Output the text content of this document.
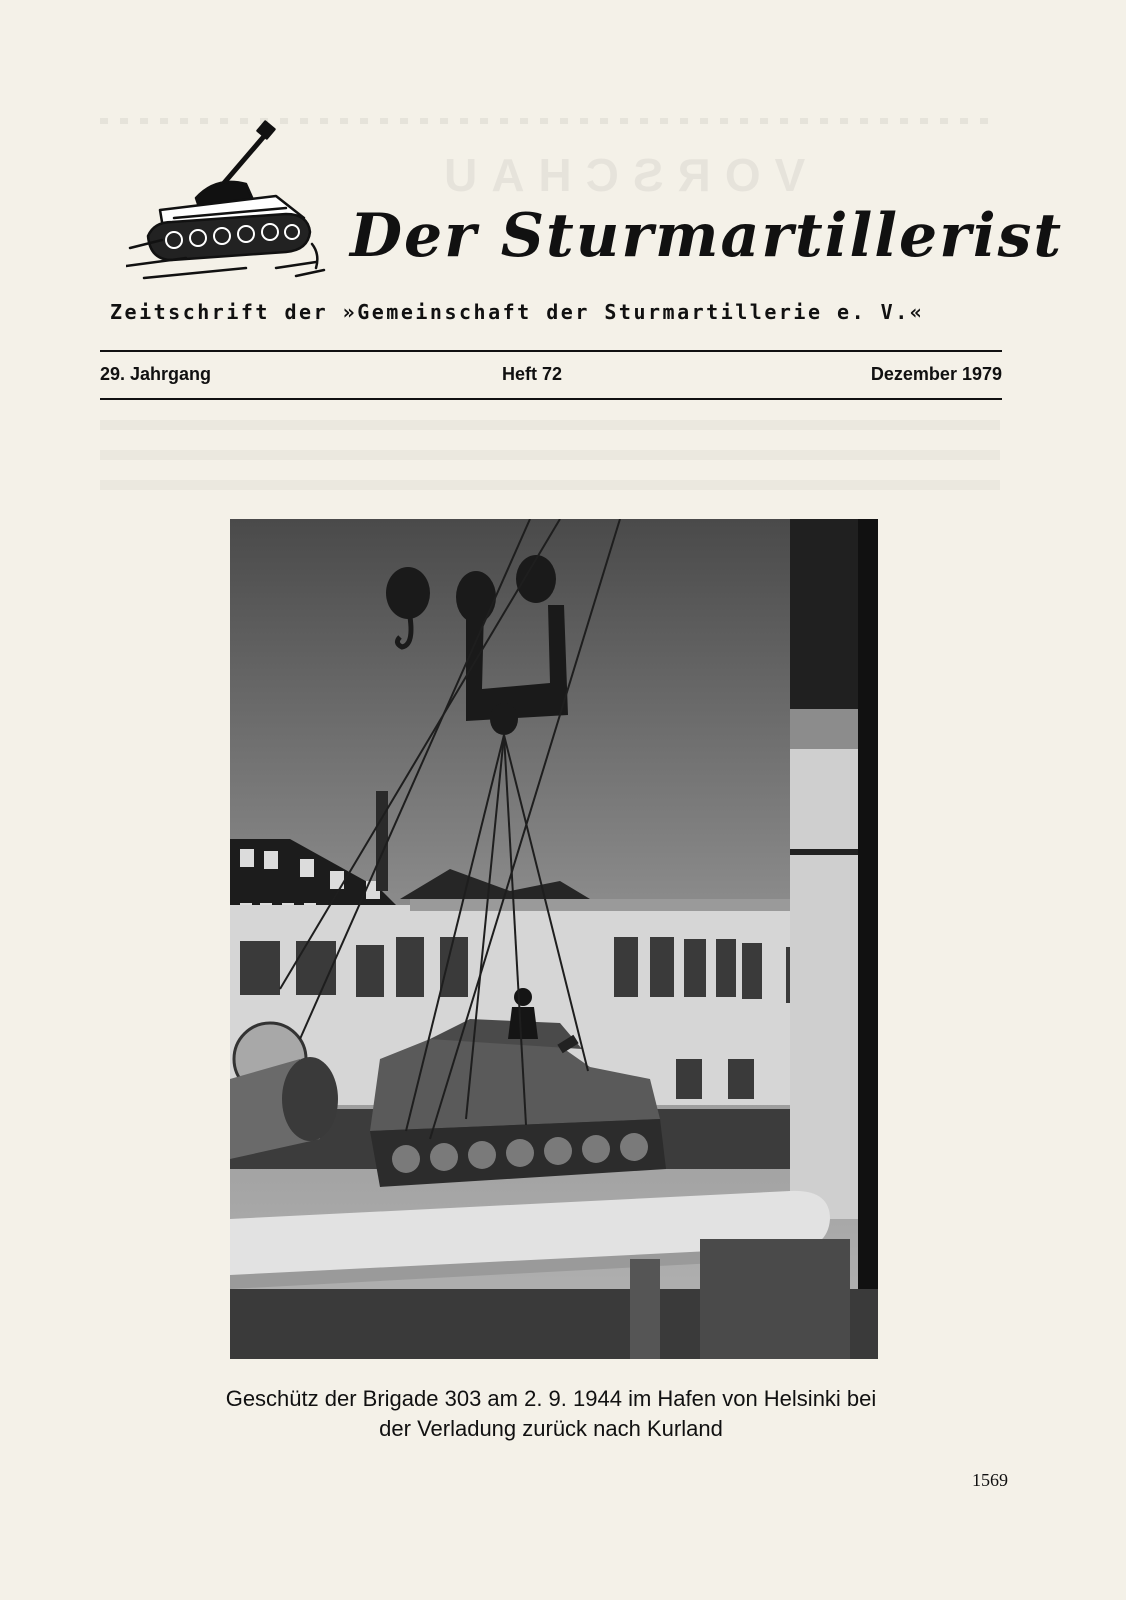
VORSCHAU
Der Sturmartillerist
Zeitschrift der »Gemeinschaft der Sturmartillerie e. V.«
29. Jahrgang	Heft 72	Dezember 1979
Geschütz der Brigade 303 am 2. 9. 1944 im Hafen von Helsinki bei
der Verladung zurück nach Kurland
1569
